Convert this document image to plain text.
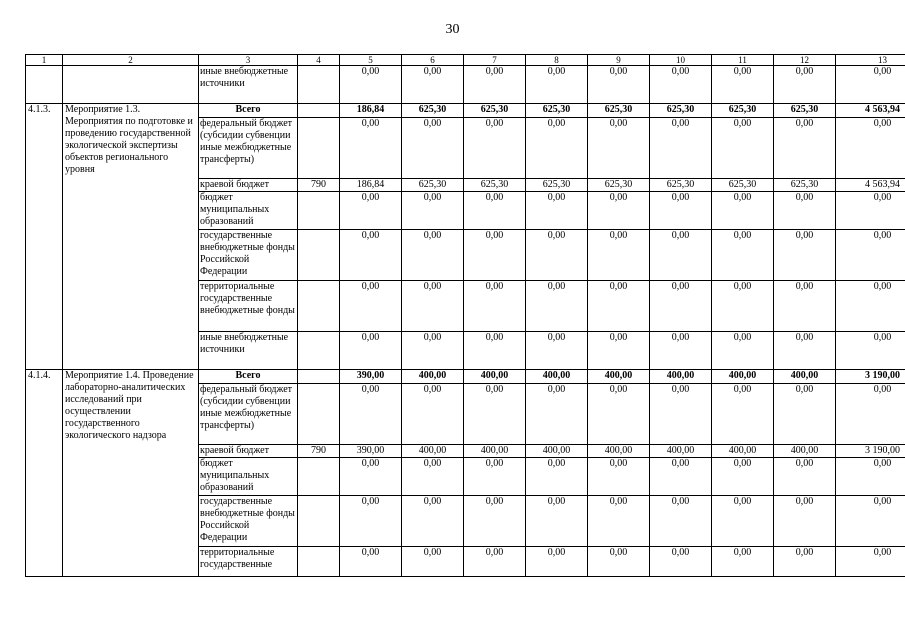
30
1	2	3	4	5	6	7	8	9	10	11	12	13
		иные внебюджетные источники		0,00	0,00	0,00	0,00	0,00	0,00	0,00	0,00	0,00
4.1.3.	Мероприятие 1.3. Мероприятия по подготовке и проведению государственной экологической экспертизы объектов регионального уровня	Всего		186,84	625,30	625,30	625,30	625,30	625,30	625,30	625,30	4 563,94
		федеральный бюджет (субсидии субвенции иные межбюджетные трансферты)		0,00	0,00	0,00	0,00	0,00	0,00	0,00	0,00	0,00
		краевой бюджет	790	186,84	625,30	625,30	625,30	625,30	625,30	625,30	625,30	4 563,94
		бюджет муниципальных образований		0,00	0,00	0,00	0,00	0,00	0,00	0,00	0,00	0,00
		государственные внебюджетные фонды Российской Федерации		0,00	0,00	0,00	0,00	0,00	0,00	0,00	0,00	0,00
		территориальные государственные внебюджетные фонды		0,00	0,00	0,00	0,00	0,00	0,00	0,00	0,00	0,00
		иные внебюджетные источники		0,00	0,00	0,00	0,00	0,00	0,00	0,00	0,00	0,00
4.1.4.	Мероприятие 1.4. Проведение лабораторно-аналитических исследований при осуществлении государственного экологического надзора	Всего		390,00	400,00	400,00	400,00	400,00	400,00	400,00	400,00	3 190,00
		федеральный бюджет (субсидии субвенции иные межбюджетные трансферты)		0,00	0,00	0,00	0,00	0,00	0,00	0,00	0,00	0,00
		краевой бюджет	790	390,00	400,00	400,00	400,00	400,00	400,00	400,00	400,00	3 190,00
		бюджет муниципальных образований		0,00	0,00	0,00	0,00	0,00	0,00	0,00	0,00	0,00
		государственные внебюджетные фонды Российской Федерации		0,00	0,00	0,00	0,00	0,00	0,00	0,00	0,00	0,00
		территориальные государственные		0,00	0,00	0,00	0,00	0,00	0,00	0,00	0,00	0,00
